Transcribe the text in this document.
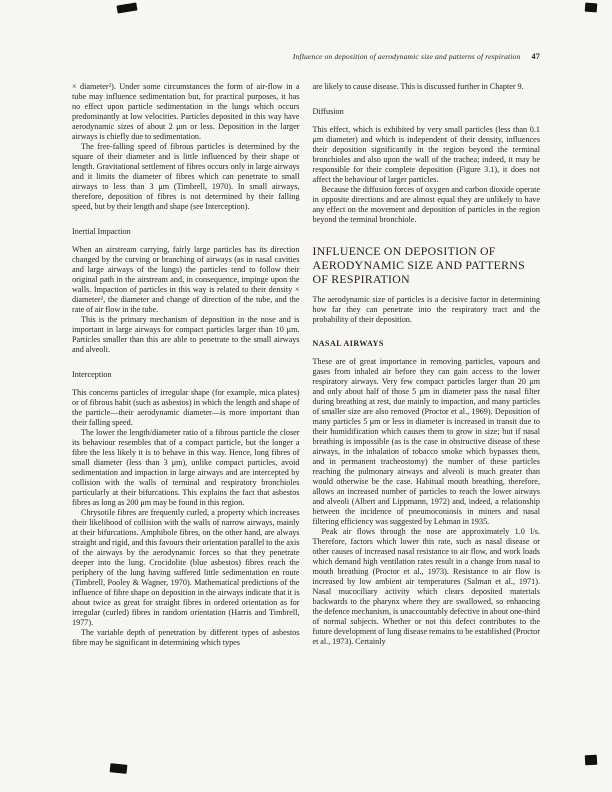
Influence on deposition of aerodynamic size and patterns of respiration 47

× diameter²). Under some circumstances the form of air-flow in a tube may influence sedimentation but, for practical purposes, it has no effect upon particle sedimentation in the lungs which occurs predominantly at low velocities. Particles deposited in this way have aerodynamic sizes of about 2 μm or less. Deposition in the larger airways is chiefly due to sedimentation.

The free-falling speed of fibrous particles is determined by the square of their diameter and is little influenced by their shape or length. Gravitational settlement of fibres occurs only in large airways and it limits the diameter of fibres which can penetrate to small airways to less than 3 μm (Timbrell, 1970). In small airways, therefore, deposition of fibres is not determined by their falling speed, but by their length and shape (see Interception).

Inertial Impaction

When an airstream carrying, fairly large particles has its direction changed by the curving or branching of airways (as in nasal cavities and large airways of the lungs) the particles tend to follow their original path in the airstream and, in consequence, impinge upon the walls. Impaction of particles in this way is related to their density × diameter², the diameter and change of direction of the tube, and the rate of air flow in the tube.

This is the primary mechanism of deposition in the nose and is important in large airways for compact particles larger than 10 μm. Particles smaller than this are able to penetrate to the small airways and alveoli.

Interception

This concerns particles of irregular shape (for example, mica plates) or of fibrous habit (such as asbestos) in which the length and shape of the particle—their aerodynamic diameter—is more important than their falling speed.

The lower the length/diameter ratio of a fibrous particle the closer its behaviour resembles that of a compact particle, but the longer a fibre the less likely it is to behave in this way. Hence, long fibres of small diameter (less than 3 μm), unlike compact particles, avoid sedimentation and impaction in large airways and are intercepted by collision with the walls of terminal and respiratory bronchioles particularly at their bifurcations. This explains the fact that asbestos fibres as long as 200 μm may be found in this region.

Chrysotile fibres are frequently curled, a property which increases their likelihood of collision with the walls of narrow airways, mainly at their bifurcations. Amphibole fibres, on the other hand, are always straight and rigid, and this favours their orientation parallel to the axis of the airways by the aerodynamic forces so that they penetrate deeper into the lung. Crocidolite (blue asbestos) fibres reach the periphery of the lung having suffered little sedimentation en route (Timbrell, Pooley & Wagner, 1970). Mathematical predictions of the influence of fibre shape on deposition in the airways indicate that it is about twice as great for straight fibres in ordered orientation as for irregular (curled) fibres in random orientation (Harris and Timbrell, 1977).

The variable depth of penetration by different types of asbestos fibre may be significant in determining which types

are likely to cause disease. This is discussed further in Chapter 9.

Diffusion

This effect, which is exhibited by very small particles (less than 0.1 μm diameter) and which is independent of their density, influences their deposition significantly in the region beyond the terminal bronchioles and also upon the wall of the trachea; indeed, it may be responsible for their complete deposition (Figure 3.1), it does not affect the behaviour of larger particles.

Because the diffusion forces of oxygen and carbon dioxide operate in opposite directions and are almost equal they are unlikely to have any effect on the movement and deposition of particles in the region beyond the terminal bronchiole.

INFLUENCE ON DEPOSITION OF AERODYNAMIC SIZE AND PATTERNS OF RESPIRATION

The aerodynamic size of particles is a decisive factor in determining how far they can penetrate into the respiratory tract and the probability of their deposition.

NASAL AIRWAYS

These are of great importance in removing particles, vapours and gases from inhaled air before they can gain access to the lower respiratory airways. Very few compact particles larger than 20 μm and only about half of those 5 μm in diameter pass the nasal filter during breathing at rest, due mainly to impaction, and many particles of smaller size are also removed (Proctor et al., 1969). Deposition of many particles 5 μm or less in diameter is increased in transit due to their humidification which causes them to grow in size; but if nasal breathing is impossible (as is the case in obstructive disease of these airways, in the inhalation of tobacco smoke which bypasses them, and in permanent tracheostomy) the number of these particles reaching the pulmonary airways and alveoli is much greater than would otherwise be the case. Habitual mouth breathing, therefore, allows an increased number of particles to reach the lower airways and alveoli (Albert and Lippmann, 1972) and, indeed, a relationship between the incidence of pneumoconiosis in miners and nasal filtering efficiency was suggested by Lehman in 1935.

Peak air flows through the nose are approximately 1.0 l/s. Therefore, factors which lower this rate, such as nasal disease or other causes of increased nasal resistance to air flow, and work loads which demand high ventilation rates result in a change from nasal to mouth breathing (Proctor et al., 1973). Resistance to air flow is increased by low ambient air temperatures (Salman et al., 1971). Nasal mucociliary activity which clears deposited materials backwards to the pharynx where they are swallowed, so enhancing the defence mechanism, is unaccountably defective in about one-third of normal subjects. Whether or not this defect contributes to the future development of lung disease remains to be established (Proctor et al., 1973). Certainly
